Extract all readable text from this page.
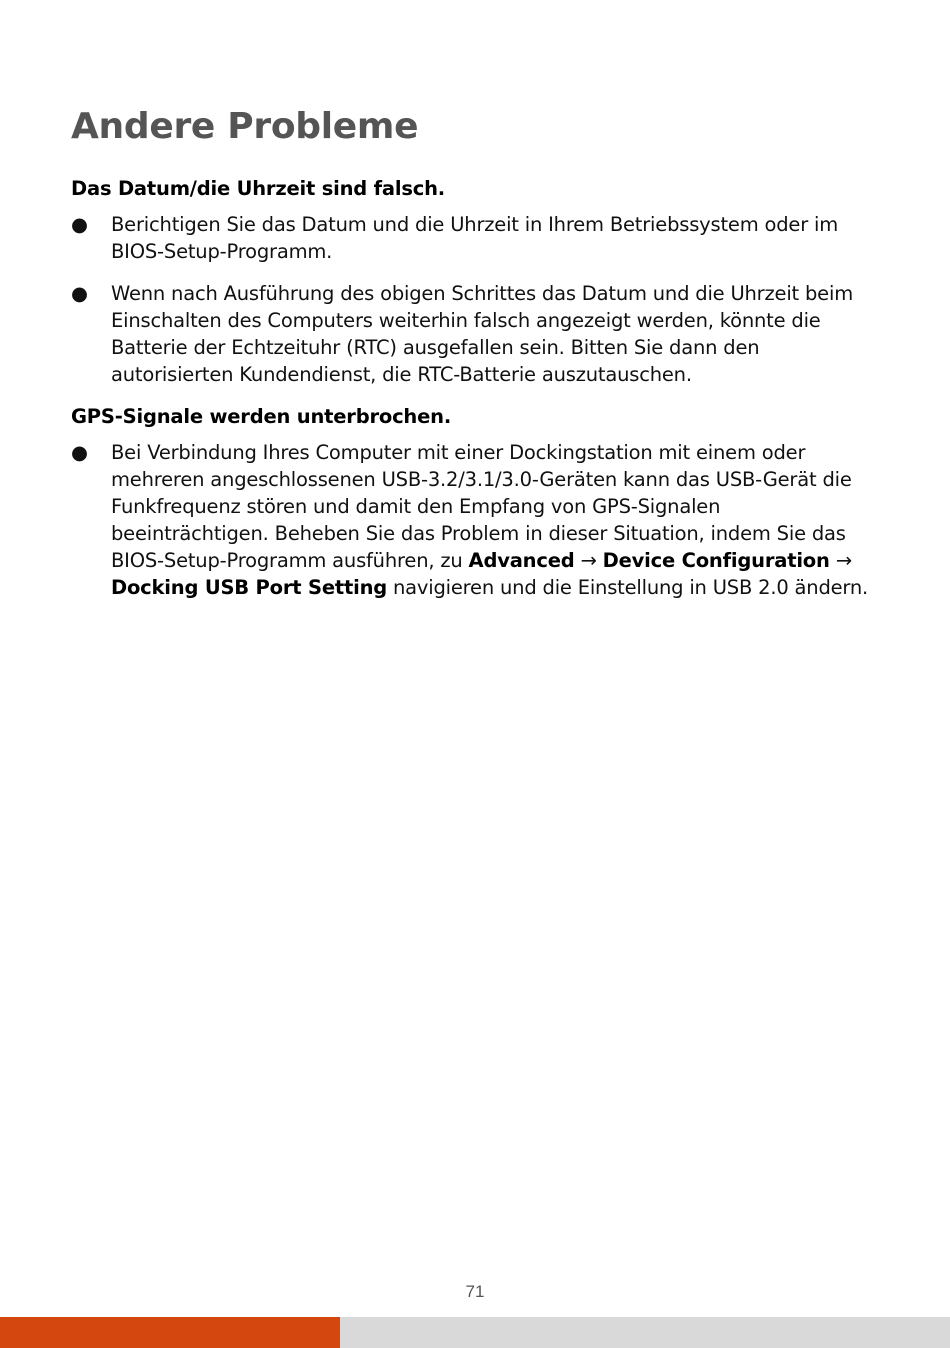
Andere Probleme
Das Datum/die Uhrzeit sind falsch.
● Berichtigen Sie das Datum und die Uhrzeit in Ihrem Betriebssystem oder im BIOS-Setup-Programm.
● Wenn nach Ausführung des obigen Schrittes das Datum und die Uhrzeit beim Einschalten des Computers weiterhin falsch angezeigt werden, könnte die Batterie der Echtzeituhr (RTC) ausgefallen sein. Bitten Sie dann den autorisierten Kundendienst, die RTC-Batterie auszutauschen.
GPS-Signale werden unterbrochen.
● Bei Verbindung Ihres Computer mit einer Dockingstation mit einem oder mehreren angeschlossenen USB-3.2/3.1/3.0-Geräten kann das USB-Gerät die Funkfrequenz stören und damit den Empfang von GPS-Signalen beeinträchtigen. Beheben Sie das Problem in dieser Situation, indem Sie das BIOS-Setup-Programm ausführen, zu Advanced → Device Configuration → Docking USB Port Setting navigieren und die Einstellung in USB 2.0 ändern.
71
